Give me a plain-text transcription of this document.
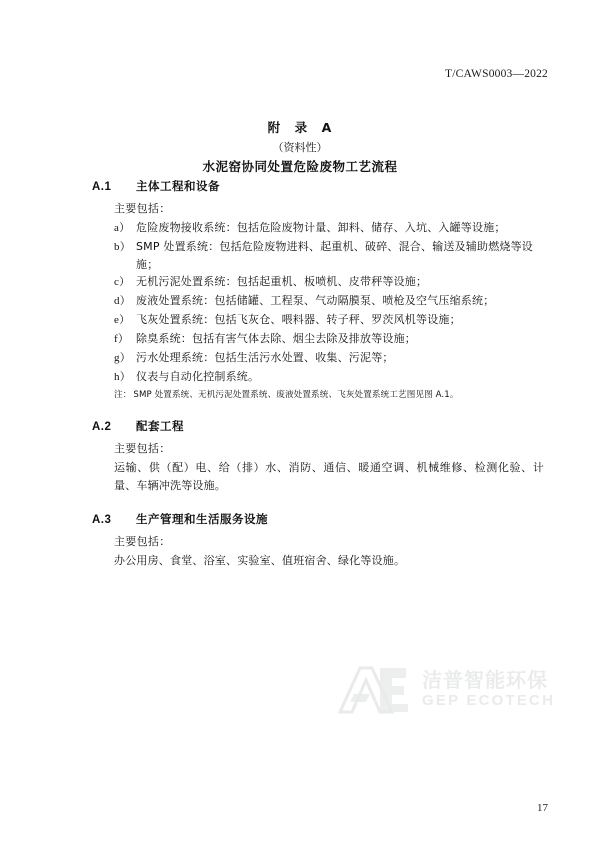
T/CAWS0003—2022
附　录　A
（资料性）
水泥窑协同处置危险废物工艺流程
A.1	主体工程和设备
主要包括：
a） 危险废物接收系统：包括危险废物计量、卸料、储存、入坑、入罐等设施；
b） SMP 处置系统：包括危险废物进料、起重机、破碎、混合、输送及辅助燃烧等设施；
c） 无机污泥处置系统：包括起重机、板喷机、皮带秤等设施；
d） 废液处置系统：包括储罐、工程泵、气动隔膜泵、喷枪及空气压缩系统；
e） 飞灰处置系统：包括飞灰仓、喂料器、转子秤、罗茨风机等设施；
f） 除臭系统：包括有害气体去除、烟尘去除及排放等设施；
g） 污水处理系统：包括生活污水处置、收集、污泥等；
h） 仪表与自动化控制系统。
注： SMP 处置系统、无机污泥处置系统、废液处置系统、飞灰处置系统工艺图见图 A.1。
A.2	配套工程
主要包括：
运输、供（配）电、给（排）水、消防、通信、暖通空调、机械维修、检测化验、计量、车辆冲洗等设施。
A.3	生产管理和生活服务设施
主要包括：
办公用房、食堂、浴室、实验室、值班宿舍、绿化等设施。
洁普智能环保
GEP ECOTECH
17
